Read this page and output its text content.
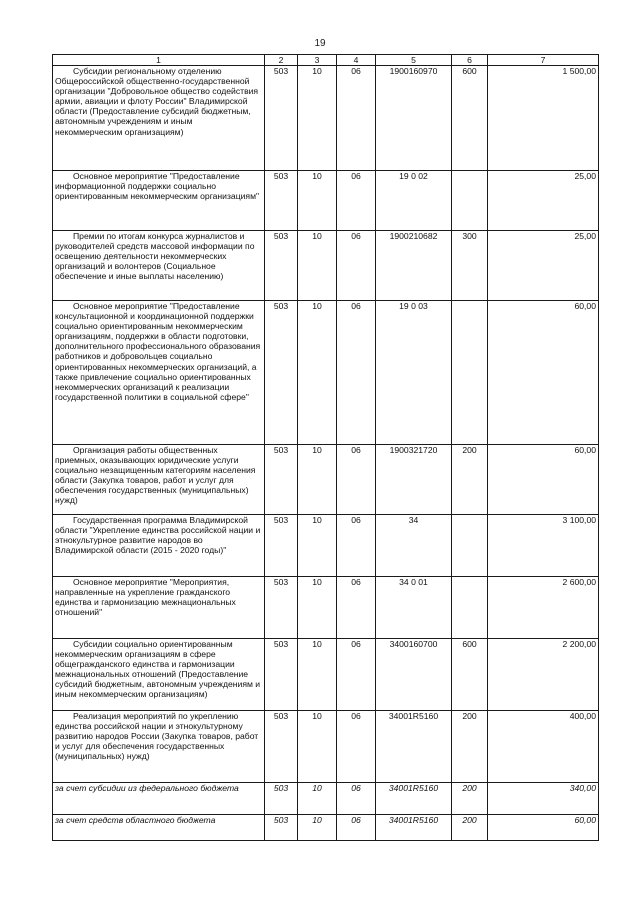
19
1	2	3	4	5	6	7
Субсидии региональному отделению Общероссийской общественно-государственной организации "Добровольное общество содействия армии, авиации и флоту России" Владимирской области (Предоставление субсидий бюджетным, автономным учреждениям и иным некоммерческим организациям)	503	10	06	1900160970	600	1 500,00
Основное мероприятие "Предоставление информационной поддержки социально ориентированным некоммерческим организациям"	503	10	06	19 0 02		25,00
Премии по итогам конкурса журналистов и руководителей средств массовой информации по освещению деятельности некоммерческих организаций и волонтеров (Социальное обеспечение и иные выплаты населению)	503	10	06	1900210682	300	25,00
Основное мероприятие "Предоставление консультационной и координационной поддержки социально ориентированным некоммерческим организациям, поддержки в области подготовки, дополнительного профессионального образования работников и добровольцев социально ориентированных некоммерческих организаций, а также привлечение социально ориентированных некоммерческих организаций к реализации государственной политики в социальной сфере"	503	10	06	19 0 03		60,00
Организация работы общественных приемных, оказывающих юридические услуги социально незащищенным категориям населения области (Закупка товаров, работ и услуг для обеспечения государственных (муниципальных) нужд)	503	10	06	1900321720	200	60,00
Государственная программа Владимирской области "Укрепление единства российской нации и этнокультурное развитие народов во Владимирской области (2015 - 2020 годы)"	503	10	06	34		3 100,00
Основное мероприятие "Мероприятия, направленные на укрепление гражданского единства и гармонизацию межнациональных отношений"	503	10	06	34 0 01		2 600,00
Субсидии социально ориентированным некоммерческим организациям в сфере общегражданского единства и гармонизации межнациональных отношений (Предоставление субсидий бюджетным, автономным учреждениям и иным некоммерческим организациям)	503	10	06	3400160700	600	2 200,00
Реализация мероприятий по укреплению единства российской нации и этнокультурному развитию народов России (Закупка товаров, работ и услуг для обеспечения государственных (муниципальных) нужд)	503	10	06	34001R5160	200	400,00
за счет субсидии из федерального бюджета	503	10	06	34001R5160	200	340,00
за счет средств областного бюджета	503	10	06	34001R5160	200	60,00
